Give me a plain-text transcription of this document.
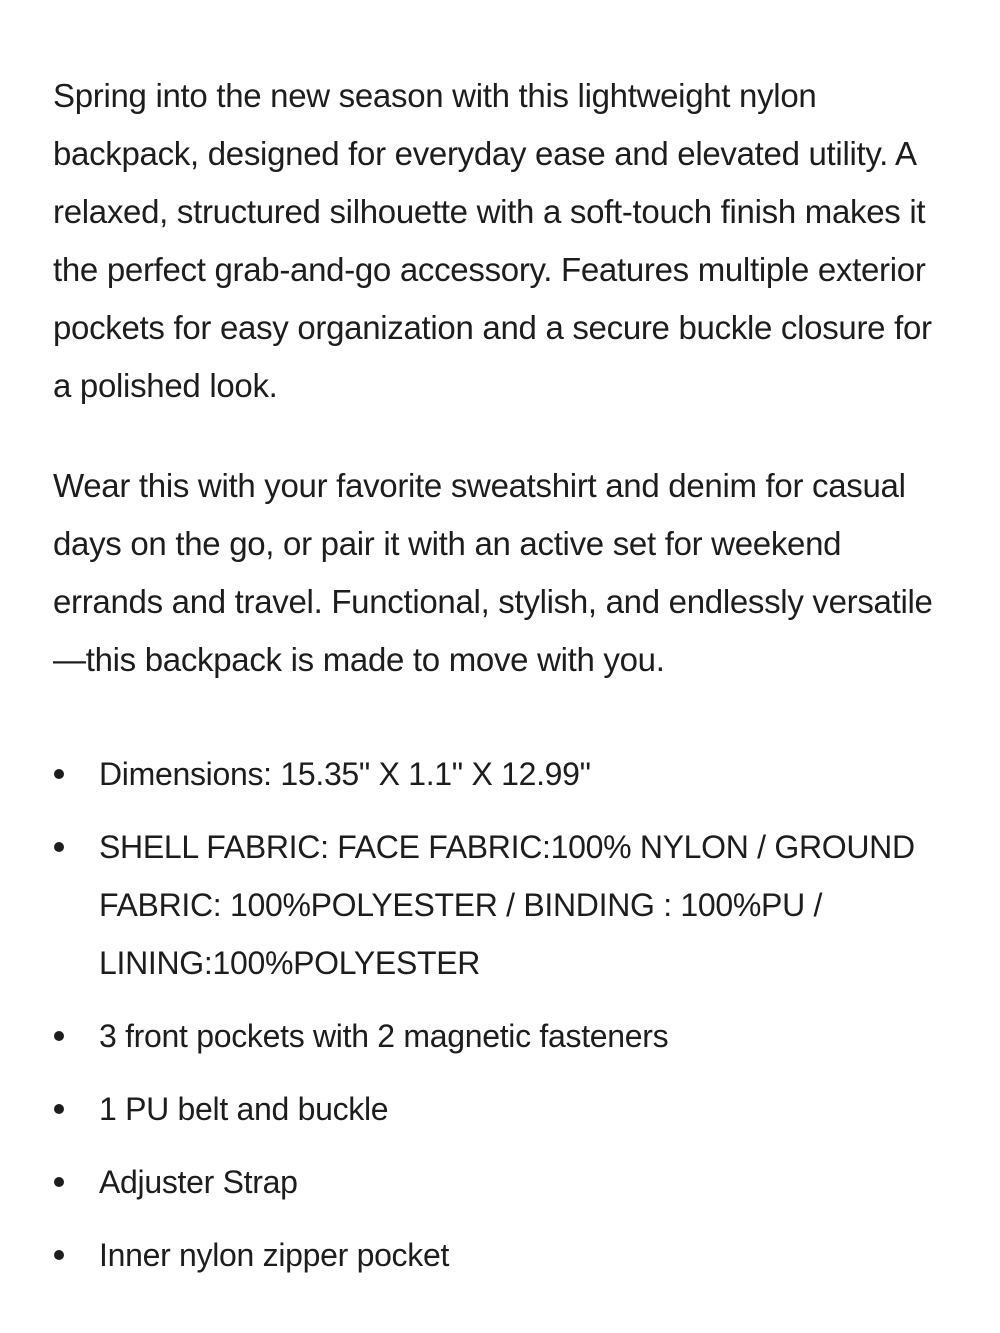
Spring into the new season with this lightweight nylon backpack, designed for everyday ease and elevated utility. A relaxed, structured silhouette with a soft-touch finish makes it the perfect grab-and-go accessory. Features multiple exterior pockets for easy organization and a secure buckle closure for a polished look.

Wear this with your favorite sweatshirt and denim for casual days on the go, or pair it with an active set for weekend errands and travel. Functional, stylish, and endlessly versatile—this backpack is made to move with you.

Dimensions: 15.35" X 1.1" X 12.99"
SHELL FABRIC: FACE FABRIC:100% NYLON / GROUND FABRIC: 100%POLYESTER / BINDING : 100%PU / LINING:100%POLYESTER
3 front pockets with 2 magnetic fasteners
1 PU belt and buckle
Adjuster Strap
Inner nylon zipper pocket
